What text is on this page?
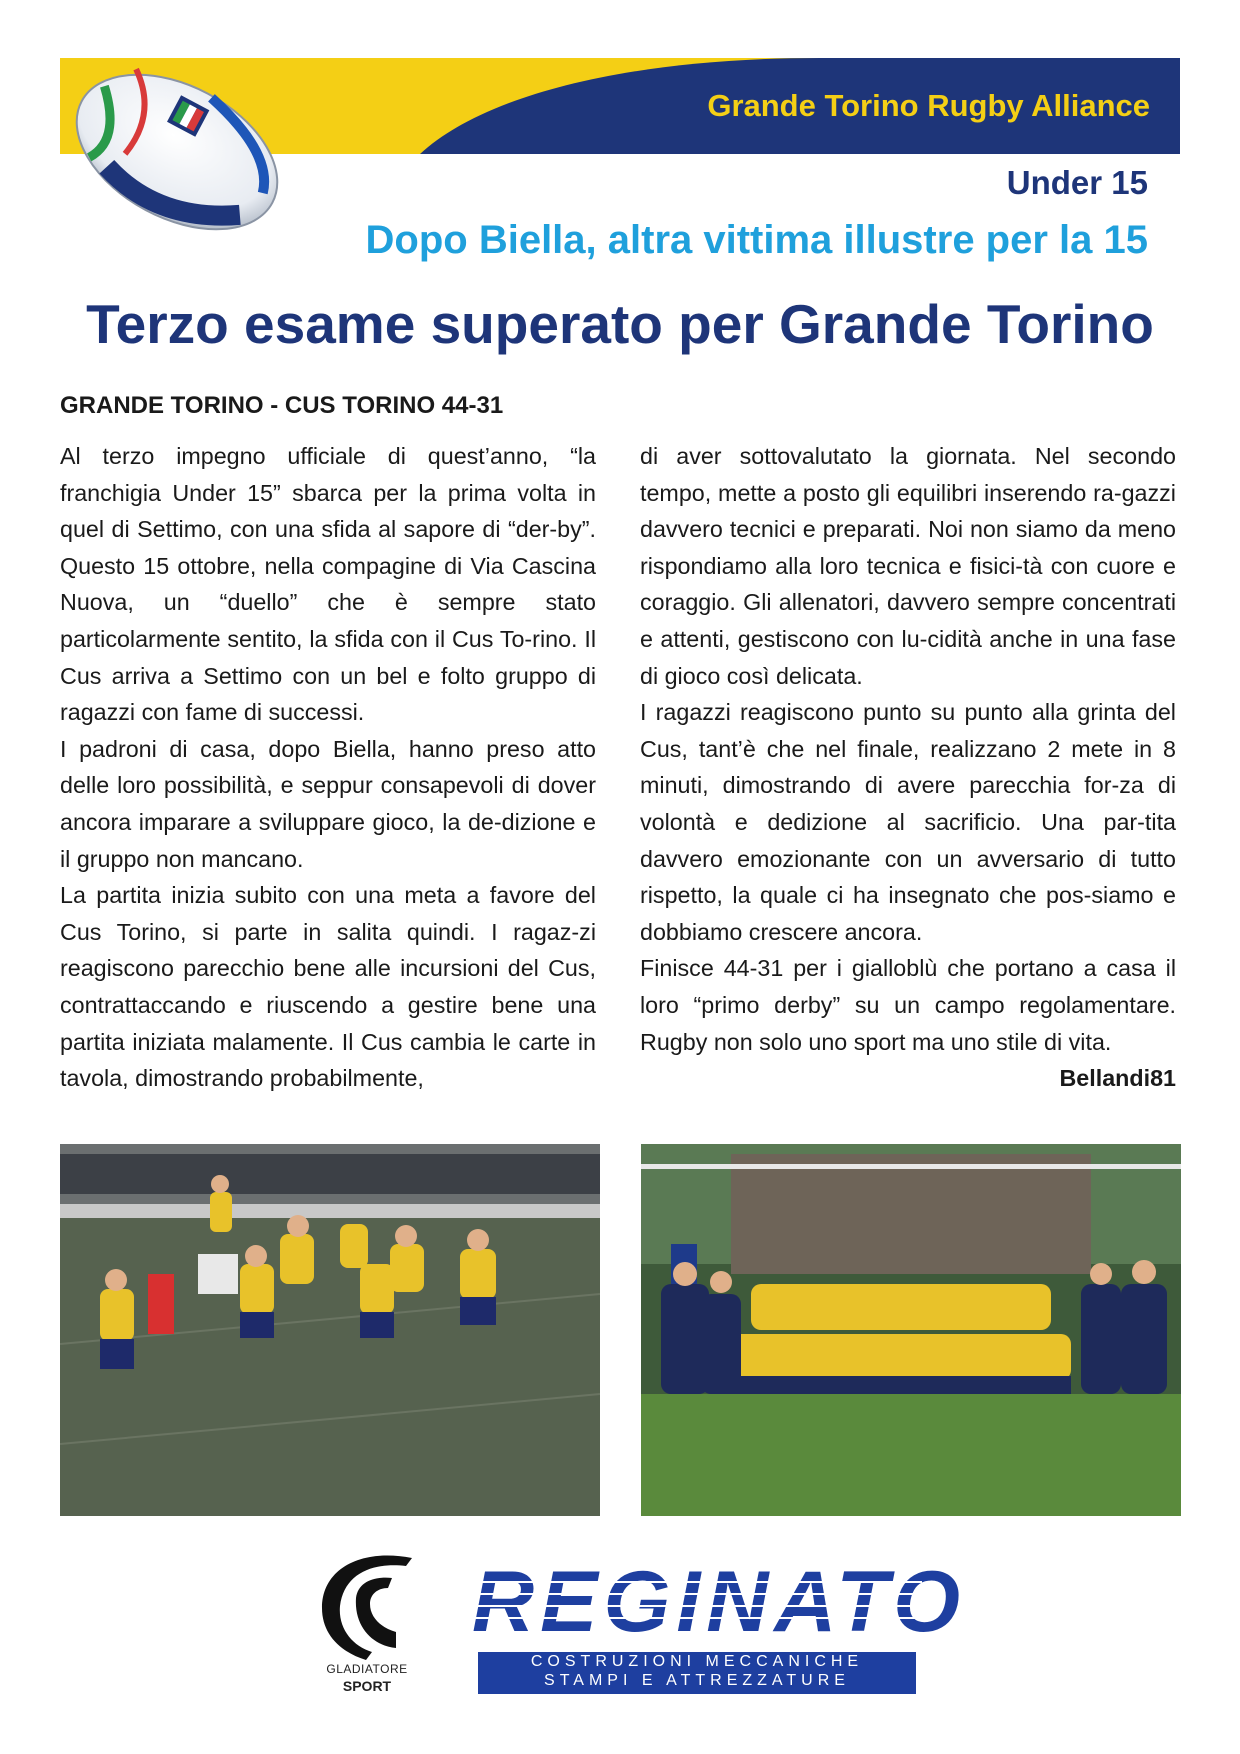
Grande Torino Rugby Alliance
Under 15
Dopo Biella, altra vittima illustre per la 15
Terzo esame superato per Grande Torino
GRANDE TORINO - CUS TORINO 44-31

Al terzo impegno ufficiale di quest’anno, “la franchigia Under 15” sbarca per la prima volta in quel di Settimo, con una sfida al sapore di “der-by”. Questo 15 ottobre, nella compagine di Via Cascina Nuova, un “duello” che è sempre stato particolarmente sentito, la sfida con il Cus To-rino. Il Cus arriva a Settimo con un bel e folto gruppo di ragazzi con fame di successi.

I padroni di casa, dopo Biella, hanno preso atto delle loro possibilità, e seppur consapevoli di dover ancora imparare a sviluppare gioco, la de-dizione e il gruppo non mancano.

La partita inizia subito con una meta a favore del Cus Torino, si parte in salita quindi. I ragaz-zi reagiscono parecchio bene alle incursioni del Cus, contrattaccando e riuscendo a gestire bene una partita iniziata malamente. Il Cus cambia le carte in tavola, dimostrando probabilmente,

di aver sottovalutato la giornata. Nel secondo tempo, mette a posto gli equilibri inserendo ra-gazzi davvero tecnici e preparati. Noi non siamo da meno rispondiamo alla loro tecnica e fisici-tà con cuore e coraggio. Gli allenatori, davvero sempre concentrati e attenti, gestiscono con lu-cidità anche in una fase di gioco così delicata.

I ragazzi reagiscono punto su punto alla grinta del Cus, tant’è che nel finale, realizzano 2 mete in 8 minuti, dimostrando di avere parecchia for-za di volontà e dedizione al sacrificio. Una par-tita davvero emozionante con un avversario di tutto rispetto, la quale ci ha insegnato che pos-siamo e dobbiamo crescere ancora.

Finisce 44-31 per i gialloblù che portano a casa il loro “primo derby” su un campo regolamentare. Rugby non solo uno sport ma uno stile di vita.

Bellandi81

GLADIATORE
SPORT
REGINATO
COSTRUZIONI MECCANICHE
STAMPI E ATTREZZATURE
